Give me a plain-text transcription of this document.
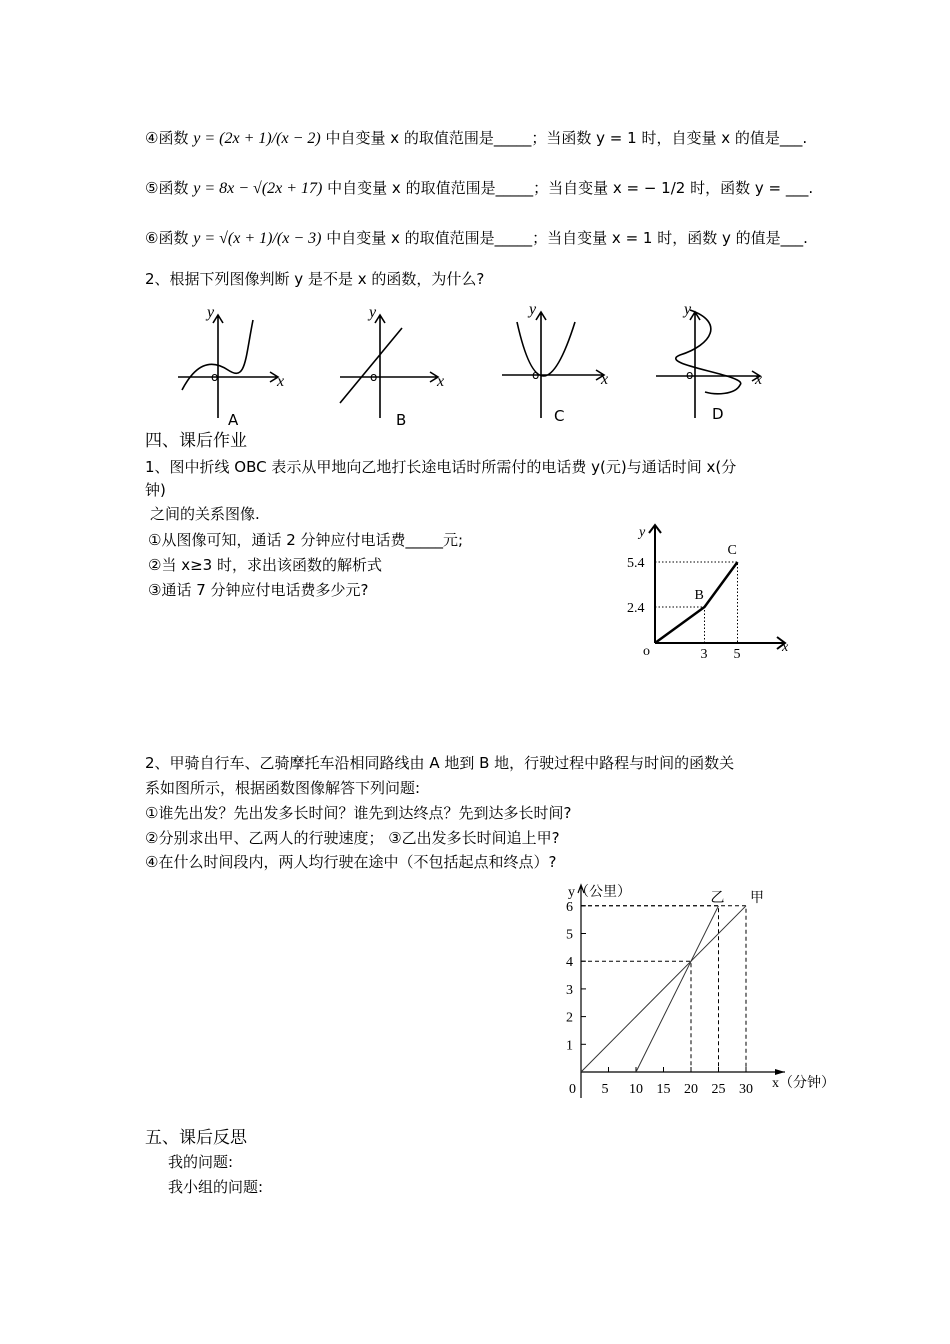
④函数 y = (2x + 1)/(x − 2) 中自变量 x 的取值范围是_____；当函数 y = 1 时，自变量 x 的值是___.
⑤函数 y = 8x − √(2x + 17) 中自变量 x 的取值范围是_____；当自变量 x = − 1/2 时，函数 y = ___.
⑥函数 y = √(x + 1)/(x − 3) 中自变量 x 的取值范围是_____；当自变量 x = 1 时，函数 y 的值是___.
2、根据下列图像判断 y 是不是 x 的函数，为什么?
y
x
o
A
y
x
o
B
y
x
o
C
y
x
o
D
四、课后作业
1、图中折线 OBC 表示从甲地向乙地打长途电话时所需付的电话费 y(元)与通话时间 x(分
钟)
之间的关系图像.
①从图像可知，通话 2 分钟应付电话费_____元;
②当 x≥3 时，求出该函数的解析式
③通话 7 分钟应付电话费多少元?
2.4
3
B
5.4
5
C
o	x
y
2、甲骑自行车、乙骑摩托车沿相同路线由 A 地到 B 地，行驶过程中路程与时间的函数关
系如图所示，根据函数图像解答下列问题:
①谁先出发？先出发多长时间？谁先到达终点？先到达多长时间?
②分别求出甲、乙两人的行驶速度； ③乙出发多长时间追上甲?
④在什么时间段内，两人均行驶在途中（不包括起点和终点）?
1
2
3
4
5
6
0 5 10 15 20 25 30
甲
乙
x（分钟）
y（公里）
五、课后反思
我的问题:
我小组的问题:
